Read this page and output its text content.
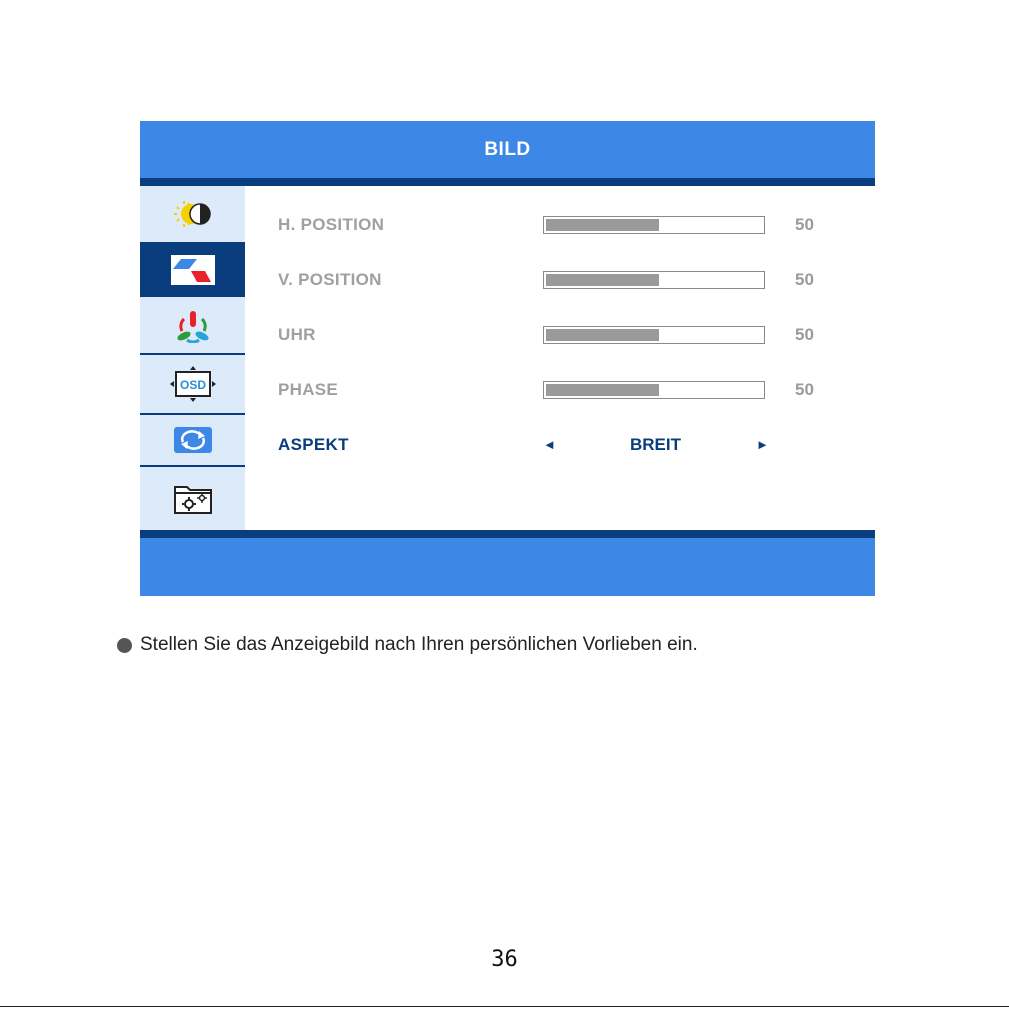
BILD
OSD
H. POSITION	50
V. POSITION	50
UHR	50
PHASE	50
ASPEKT	◄	BREIT	►
Stellen Sie das Anzeigebild nach Ihren persönlichen Vorlieben ein.
36
